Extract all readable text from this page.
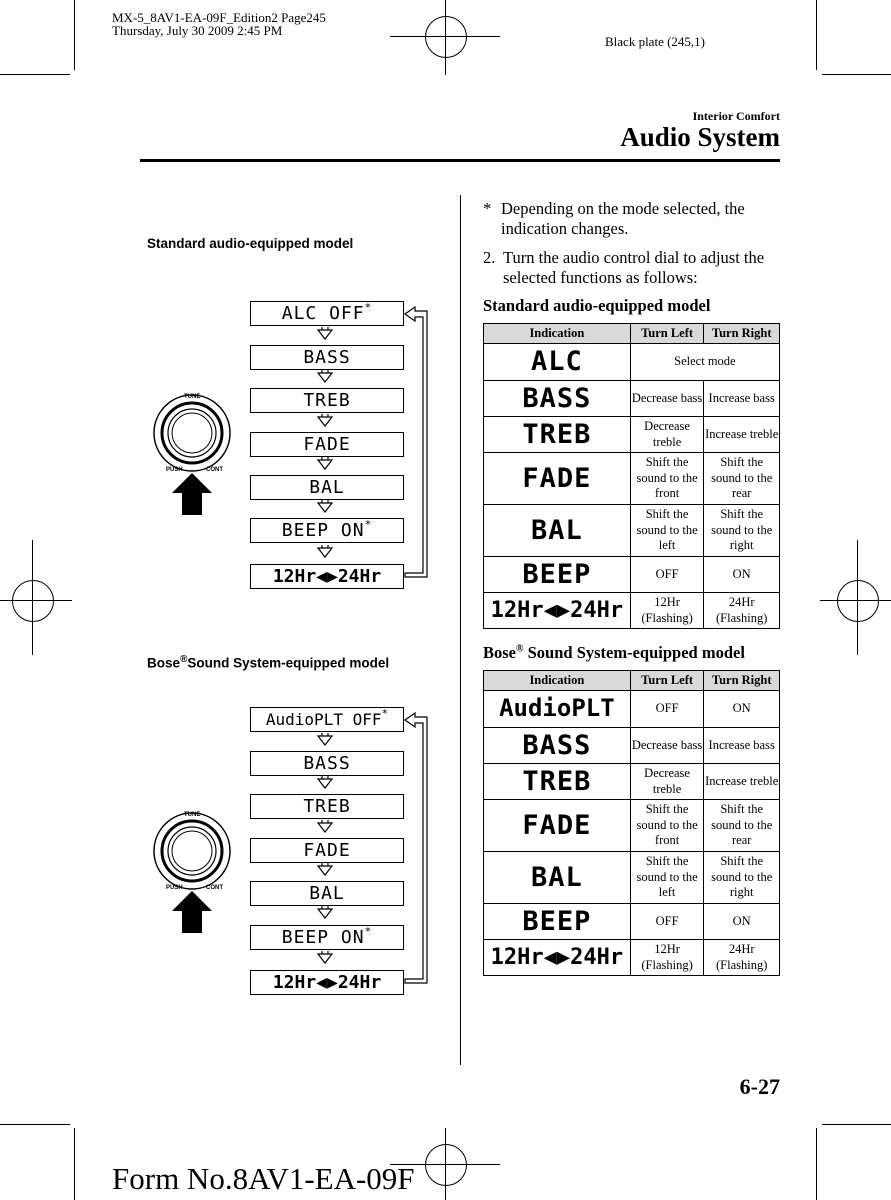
MX-5_8AV1-EA-09F_Edition2 Page245
Thursday, July 30 2009 2:45 PM
Black plate (245,1)
Interior Comfort
Audio System
Standard audio-equipped model
ALC OFF*
BASS
TREB
FADE
BAL
BEEP ON*
12Hr◀▶24Hr
TUNE
PUSH	CONT
Bose®Sound System-equipped model
AudioPLT OFF*
BASS
TREB
FADE
BAL
BEEP ON*
12Hr◀▶24Hr
TUNE
PUSH	CONT
* Depending on the mode selected, the indication changes.
2. Turn the audio control dial to adjust the selected functions as follows:
Standard audio-equipped model
Indication	Turn Left	Turn Right
ALC	Select mode	
BASS	Decrease bass	Increase bass
TREB	Decrease treble	Increase treble
FADE	Shift the sound to the front	Shift the sound to the rear
BAL	Shift the sound to the left	Shift the sound to the right
BEEP	OFF	ON
12Hr◀▶24Hr	12Hr (Flashing)	24Hr (Flashing)
Bose® Sound System-equipped model
Indication	Turn Left	Turn Right
AudioPLT	OFF	ON
BASS	Decrease bass	Increase bass
TREB	Decrease treble	Increase treble
FADE	Shift the sound to the front	Shift the sound to the rear
BAL	Shift the sound to the left	Shift the sound to the right
BEEP	OFF	ON
12Hr◀▶24Hr	12Hr (Flashing)	24Hr (Flashing)
6-27
Form No.8AV1-EA-09F
